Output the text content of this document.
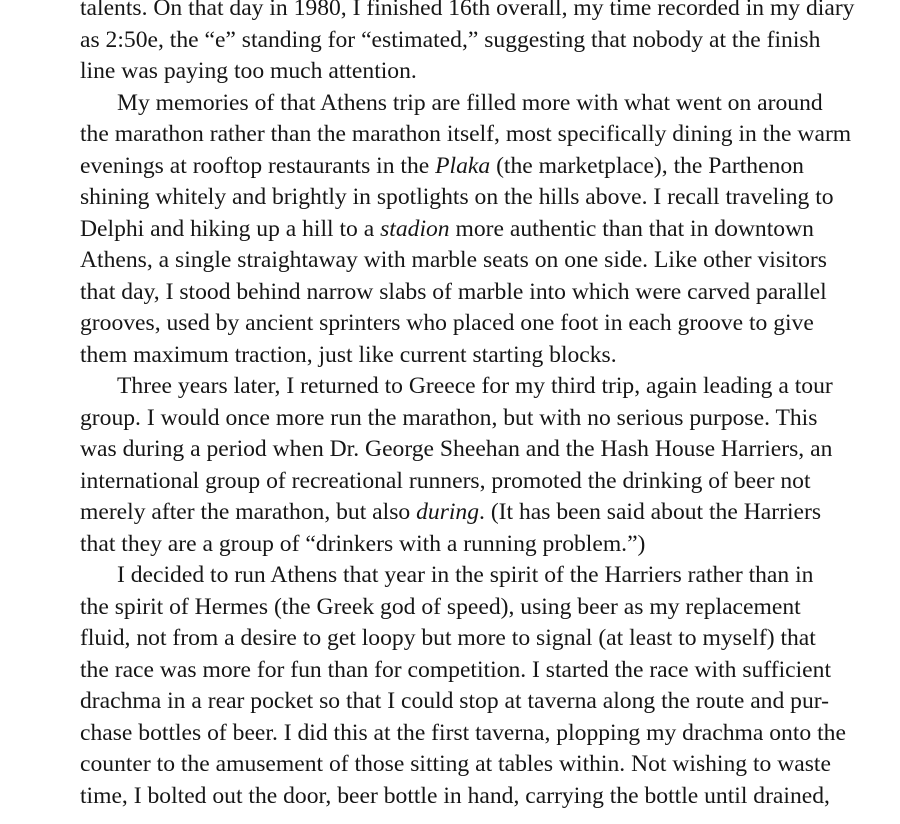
talents. On that day in 1980, I finished 16th overall, my time recorded in my diary
as 2:50e, the “e” standing for “estimated,” suggesting that nobody at the finish
line was paying too much attention.
My memories of that Athens trip are filled more with what went on around
the marathon rather than the marathon itself, most specifically dining in the warm
evenings at rooftop restaurants in the Plaka (the marketplace), the Parthenon
shining whitely and brightly in spotlights on the hills above. I recall traveling to
Delphi and hiking up a hill to a stadion more authentic than that in downtown
Athens, a single straightaway with marble seats on one side. Like other visitors
that day, I stood behind narrow slabs of marble into which were carved parallel
grooves, used by ancient sprinters who placed one foot in each groove to give
them maximum traction, just like current starting blocks.
Three years later, I returned to Greece for my third trip, again leading a tour
group. I would once more run the marathon, but with no serious purpose. This
was during a period when Dr. George Sheehan and the Hash House Harriers, an
international group of recreational runners, promoted the drinking of beer not
merely after the marathon, but also during. (It has been said about the Harriers
that they are a group of “drinkers with a running problem.”)
I decided to run Athens that year in the spirit of the Harriers rather than in
the spirit of Hermes (the Greek god of speed), using beer as my replacement
fluid, not from a desire to get loopy but more to signal (at least to myself) that
the race was more for fun than for competition. I started the race with sufficient
drachma in a rear pocket so that I could stop at taverna along the route and pur-
chase bottles of beer. I did this at the first taverna, plopping my drachma onto the
counter to the amusement of those sitting at tables within. Not wishing to waste
time, I bolted out the door, beer bottle in hand, carrying the bottle until drained,
